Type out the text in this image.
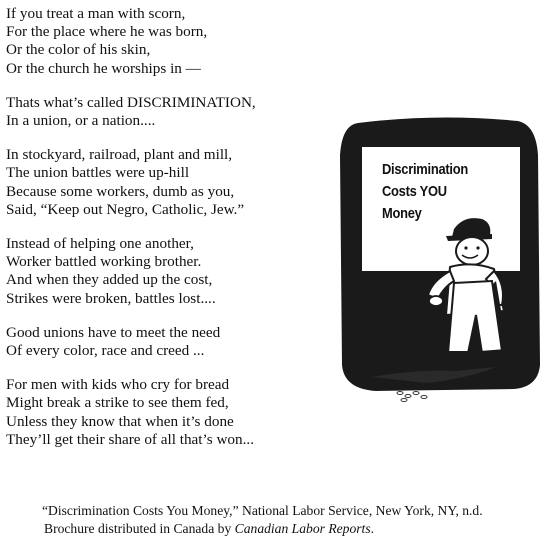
If you treat a man with scorn,
For the place where he was born,
Or the color of his skin,
Or the church he worships in —
Thats what’s called DISCRIMINATION,
In a union, or a nation....
In stockyard, railroad, plant and mill,
The union battles were up-hill
Because some workers, dumb as you,
Said, “Keep out Negro, Catholic, Jew.”
Instead of helping one another,
Worker battled working brother.
And when they added up the cost,
Strikes were broken, battles lost....
Good unions have to meet the need
Of every color, race and creed ...
For men with kids who cry for bread
Might break a strike to see them fed,
Unless they know that when it’s done
They’ll get their share of all that’s won...
Discrimination
Costs YOU
Money
“Discrimination Costs You Money,” National Labor Service, New York, NY, n.d.
Brochure distributed in Canada by Canadian Labor Reports.
